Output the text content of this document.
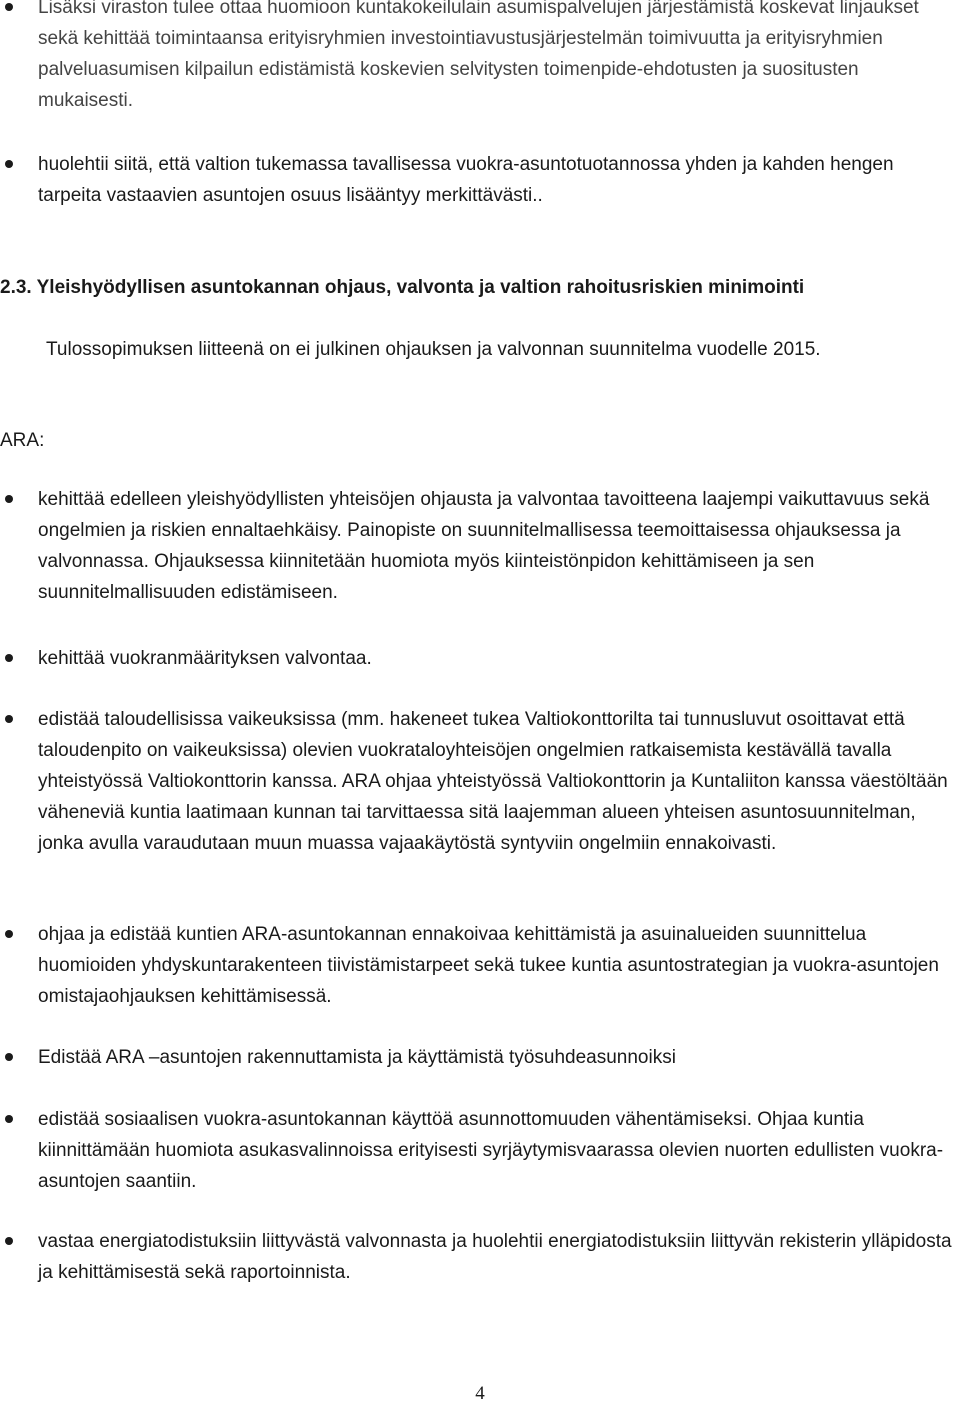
Lisäksi viraston tulee ottaa huomioon kuntakokeilulain asumispalvelujen järjestämistä koskevat linjaukset sekä kehittää toimintaansa erityisryhmien investointiavustusjärjestelmän toimivuutta ja erityisryhmien palveluasumisen kilpailun edistämistä koskevien selvitysten toimenpide-ehdotusten ja suositusten mukaisesti.

huolehtii siitä, että valtion tukemassa tavallisessa vuokra-asuntotuotannossa yhden ja kahden hengen tarpeita vastaavien asuntojen osuus lisääntyy merkittävästi..

2.3. Yleishyödyllisen asuntokannan ohjaus, valvonta ja valtion rahoitusriskien minimointi

Tulossopimuksen liitteenä on ei julkinen ohjauksen ja valvonnan suunnitelma vuodelle 2015.

ARA:

kehittää edelleen yleishyödyllisten yhteisöjen ohjausta ja valvontaa tavoitteena laajempi vaikuttavuus sekä ongelmien ja riskien ennaltaehkäisy. Painopiste on suunnitelmallisessa teemoittaisessa ohjauksessa ja valvonnassa. Ohjauksessa kiinnitetään huomiota myös kiinteistönpidon kehittämiseen ja sen suunnitelmallisuuden edistämiseen.

kehittää vuokranmäärityksen valvontaa.

edistää taloudellisissa vaikeuksissa (mm. hakeneet tukea Valtiokonttorilta tai tunnusluvut osoittavat että taloudenpito on vaikeuksissa) olevien vuokrataloyhteisöjen ongelmien ratkaisemista kestävällä tavalla yhteistyössä Valtiokonttorin kanssa. ARA ohjaa yhteistyössä Valtiokonttorin ja Kuntaliiton kanssa väestöltään väheneviä kuntia laatimaan kunnan tai tarvittaessa sitä laajemman alueen yhteisen asuntosuunnitelman, jonka avulla varaudutaan muun muassa vajaakäytöstä syntyviin ongelmiin ennakoivasti.

ohjaa ja edistää kuntien ARA-asuntokannan ennakoivaa kehittämistä ja asuinalueiden suunnittelua huomioiden yhdyskuntarakenteen tiivistämistarpeet sekä tukee kuntia asuntostrategian ja vuokra-asuntojen omistajaohjauksen kehittämisessä.

Edistää ARA –asuntojen rakennuttamista ja käyttämistä työsuhdeasunnoiksi

edistää sosiaalisen vuokra-asuntokannan käyttöä asunnottomuuden vähentämiseksi. Ohjaa kuntia kiinnittämään huomiota asukasvalinnoissa erityisesti syrjäytymisvaarassa olevien nuorten edullisten vuokra-asuntojen saantiin.

vastaa energiatodistuksiin liittyvästä valvonnasta ja huolehtii energiatodistuksiin liittyvän rekisterin ylläpidosta ja kehittämisestä sekä raportoinnista.

4
